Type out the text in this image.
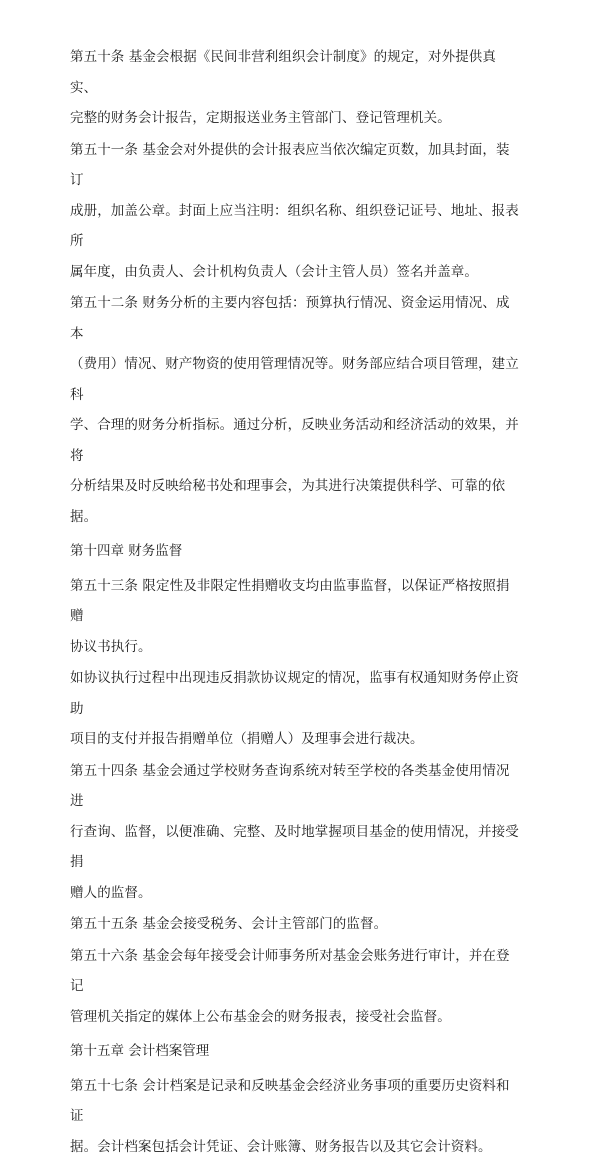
第五十条 基金会根据《民间非营利组织会计制度》的规定，对外提供真实、
完整的财务会计报告，定期报送业务主管部门、登记管理机关。
第五十一条 基金会对外提供的会计报表应当依次编定页数，加具封面，装订
成册，加盖公章。封面上应当注明：组织名称、组织登记证号、地址、报表所
属年度，由负责人、会计机构负责人（会计主管人员）签名并盖章。
第五十二条 财务分析的主要内容包括：预算执行情况、资金运用情况、成本
（费用）情况、财产物资的使用管理情况等。财务部应结合项目管理，建立科
学、合理的财务分析指标。通过分析，反映业务活动和经济活动的效果，并将
分析结果及时反映给秘书处和理事会，为其进行决策提供科学、可靠的依据。
第十四章 财务监督
第五十三条 限定性及非限定性捐赠收支均由监事监督，以保证严格按照捐赠
协议书执行。
如协议执行过程中出现违反捐款协议规定的情况，监事有权通知财务停止资助
项目的支付并报告捐赠单位（捐赠人）及理事会进行裁决。
第五十四条 基金会通过学校财务查询系统对转至学校的各类基金使用情况进
行查询、监督，以便准确、完整、及时地掌握项目基金的使用情况，并接受捐
赠人的监督。
第五十五条 基金会接受税务、会计主管部门的监督。
第五十六条 基金会每年接受会计师事务所对基金会账务进行审计，并在登记
管理机关指定的媒体上公布基金会的财务报表，接受社会监督。
第十五章 会计档案管理
第五十七条 会计档案是记录和反映基金会经济业务事项的重要历史资料和证
据。会计档案包括会计凭证、会计账簿、财务报告以及其它会计资料。
